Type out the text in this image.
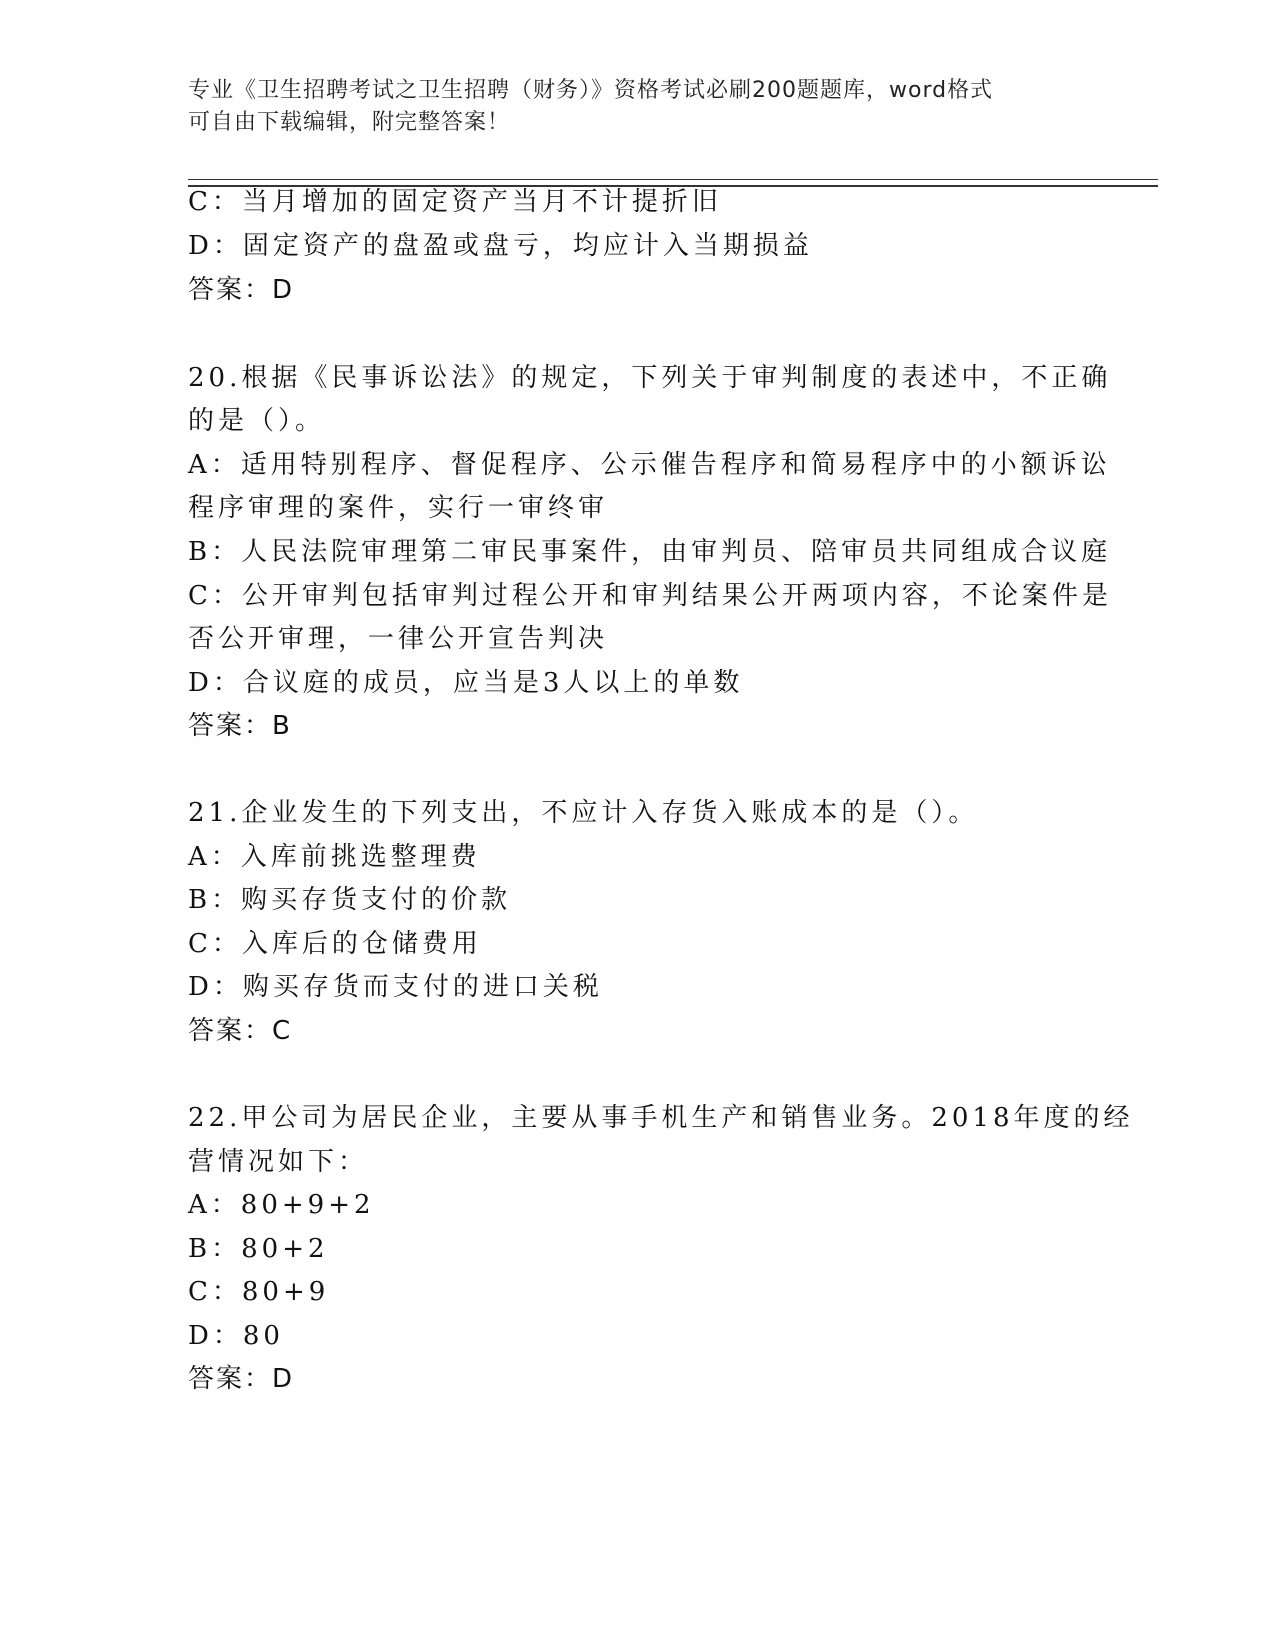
专业《卫生招聘考试之卫生招聘（财务）》资格考试必刷200题题库，word格式
可自由下载编辑，附完整答案！
C：当月增加的固定资产当月不计提折旧
D：固定资产的盘盈或盘亏，均应计入当期损益
答案：D
20.根据《民事诉讼法》的规定，下列关于审判制度的表述中，不正确
的是（）。
A：适用特别程序、督促程序、公示催告程序和简易程序中的小额诉讼
程序审理的案件，实行一审终审
B：人民法院审理第二审民事案件，由审判员、陪审员共同组成合议庭
C：公开审判包括审判过程公开和审判结果公开两项内容，不论案件是
否公开审理，一律公开宣告判决
D：合议庭的成员，应当是3人以上的单数
答案：B
21.企业发生的下列支出，不应计入存货入账成本的是（）。
A：入库前挑选整理费
B：购买存货支付的价款
C：入库后的仓储费用
D：购买存货而支付的进口关税
答案：C
22.甲公司为居民企业，主要从事手机生产和销售业务。2018年度的经
营情况如下：
A：80+9+2
B：80+2
C：80+9
D：80
答案：D
